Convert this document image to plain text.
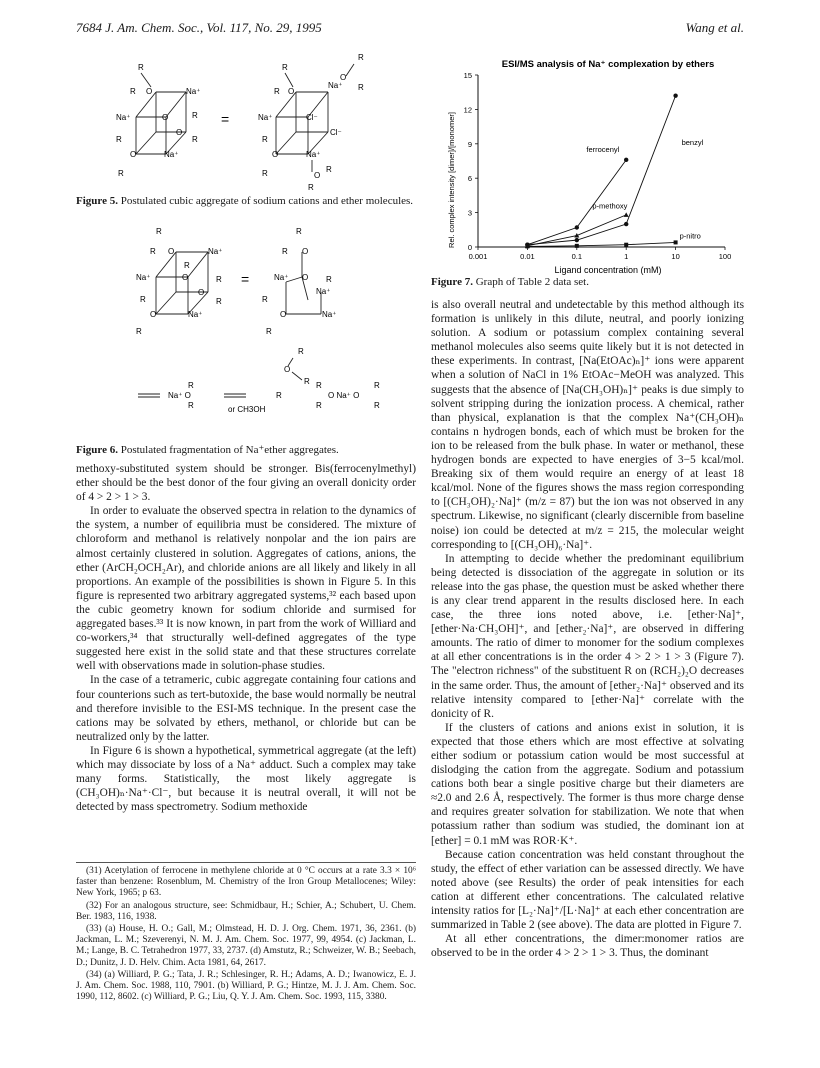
7684 J. Am. Chem. Soc., Vol. 117, No. 29, 1995	Wang et al.
R O	Na⁺
Na⁺	O
O
O	Na⁺
R
R
R
R
R
=
R O
Na⁺
Na⁺	Cl⁻
Cl⁻
O	Na⁺
R
R
O
R
R
R	O
R
R
Figure 5. Postulated cubic aggregate of sodium cations and ether molecules.
R O	Na⁺
Na⁺	O
O
O	Na⁺
R
R
R
R
R
R
=
R
R O
Na⁺ O
Na⁺
O	Na⁺
R
R
R
R
O
R
Na⁺ O
R
R
R
R
O Na⁺ O
R
R
R
or CH3OH
Figure 6. Postulated fragmentation of Na⁺ether aggregates.

methoxy-substituted system should be stronger. Bis(ferrocenylmethyl) ether should be the best donor of the four giving an overall donicity order of 4 > 2 > 1 > 3.

In order to evaluate the observed spectra in relation to the dynamics of the system, a number of equilibria must be considered. The mixture of chloroform and methanol is relatively nonpolar and the ion pairs are almost certainly clustered in solution. Aggregates of cations, anions, the ether (ArCH₂OCH₂Ar), and chloride anions are all likely and likely in all proportions. An example of the possibilities is shown in Figure 5. In this figure is represented two arbitrary aggregated systems,³² each based upon the cubic geometry known for sodium chloride and surmised for aggregated bases.³³ It is now known, in part from the work of Williard and co-workers,³⁴ that structurally well-defined aggregates of the type suggested here exist in the solid state and that these structures correlate well with observations made in solution-phase studies.

In the case of a tetrameric, cubic aggregate containing four cations and four counterions such as tert-butoxide, the base would normally be neutral and therefore invisible to the ESI-MS technique. In the present case the cations may be solvated by ethers, methanol, or chloride but can be neutralized only by the latter.

In Figure 6 is shown a hypothetical, symmetrical aggregate (at the left) which may dissociate by loss of a Na⁺ adduct. Such a complex may take many forms. Statistically, the most likely aggregate is (CH₃OH)ₙ·Na⁺·Cl⁻, but because it is neutral overall, it will not be detected by mass spectrometry. Sodium methoxide

(31) Acetylation of ferrocene in methylene chloride at 0 °C occurs at a rate 3.3 × 10⁶ faster than benzene: Rosenblum, M. Chemistry of the Iron Group Metallocenes; Wiley: New York, 1965; p 63.

(32) For an analogous structure, see: Schmidbaur, H.; Schier, A.; Schubert, U. Chem. Ber. 1983, 116, 1938.

(33) (a) House, H. O.; Gall, M.; Olmstead, H. D. J. Org. Chem. 1971, 36, 2361. (b) Jackman, L. M.; Szeverenyi, N. M. J. Am. Chem. Soc. 1977, 99, 4954. (c) Jackman, L. M.; Lange, B. C. Tetrahedron 1977, 33, 2737. (d) Amstutz, R.; Schweizer, W. B.; Seebach, D.; Dunitz, J. D. Helv. Chim. Acta 1981, 64, 2617.

(34) (a) Williard, P. G.; Tata, J. R.; Schlesinger, R. H.; Adams, A. D.; Iwanowicz, E. J. J. Am. Chem. Soc. 1988, 110, 7901. (b) Williard, P. G.; Hintze, M. J. J. Am. Chem. Soc. 1990, 112, 8602. (c) Williard, P. G.; Liu, Q. Y. J. Am. Chem. Soc. 1993, 115, 3380.

ESI/MS analysis of Na⁺ complexation by ethers
Rel. complex intensity [dimer]/[monomer]
Ligand concentration (mM)
0
3
6
9
12
15
0.001	0.01	0.1	1	10	100
benzyl
ferrocenyl
p-methoxy
p-nitro
Figure 7. Graph of Table 2 data set.

is also overall neutral and undetectable by this method although its formation is unlikely in this dilute, neutral, and poorly ionizing solution. A sodium or potassium complex containing several methanol molecules also seems quite likely but it is not detected in these experiments. In contrast, [Na(EtOAc)ₙ]⁺ ions were apparent when a solution of NaCl in 1% EtOAc−MeOH was analyzed. This suggests that the absence of [Na(CH₃OH)ₙ]⁺ peaks is due simply to solvent stripping during the ionization process. A chemical, rather than physical, explanation is that the complex Na⁺(CH₃OH)ₙ contains n hydrogen bonds, each of which must be broken for the ion to be released from the bulk phase. In water or methanol, these hydrogen bonds are expected to have energies of 3−5 kcal/mol. Breaking six of them would require an energy of at least 18 kcal/mol. None of the figures shows the mass region corresponding to [(CH₃OH)₂·Na]⁺ (m/z = 87) but the ion was not observed in any spectrum. Likewise, no significant (clearly discernible from baseline noise) ion could be detected at m/z = 215, the molecular weight corresponding to [(CH₃OH)₆·Na]⁺.

In attempting to decide whether the predominant equilibrium being detected is dissociation of the aggregate in solution or its release into the gas phase, the question must be asked whether there is any clear trend apparent in the results disclosed here. In each case, the three ions noted above, i.e. [ether·Na]⁺, [ether·Na·CH₃OH]⁺, and [ether₂·Na]⁺, are observed in differing amounts. The ratio of dimer to monomer for the sodium complexes at all ether concentrations is in the order 4 > 2 > 1 > 3 (Figure 7). The "electron richness" of the substituent R on (RCH₂)₂O decreases in the same order. Thus, the amount of [ether₂·Na]⁺ observed and its relative intensity compared to [ether·Na]⁺ correlate with the donicity of R.

If the clusters of cations and anions exist in solution, it is expected that those ethers which are most effective at solvating either sodium or potassium cation would be most successful at dislodging the cation from the aggregate. Sodium and potassium cations both bear a single positive charge but their diameters are ≈2.0 and 2.6 Å, respectively. The former is thus more charge dense and requires greater solvation for stabilization. We note that when potassium rather than sodium was studied, the dominant ion at [ether] = 0.1 mM was ROR·K⁺.

Because cation concentration was held constant throughout the study, the effect of ether variation can be assessed directly. We have noted above (see Results) the order of peak intensities for each cation at different ether concentrations. The calculated relative intensity ratios for [L₂·Na]⁺/[L·Na]⁺ at each ether concentration are summarized in Table 2 (see above). The data are plotted in Figure 7.

At all ether concentrations, the dimer:monomer ratios are observed to be in the order 4 > 2 > 1 > 3. Thus, the dominant
